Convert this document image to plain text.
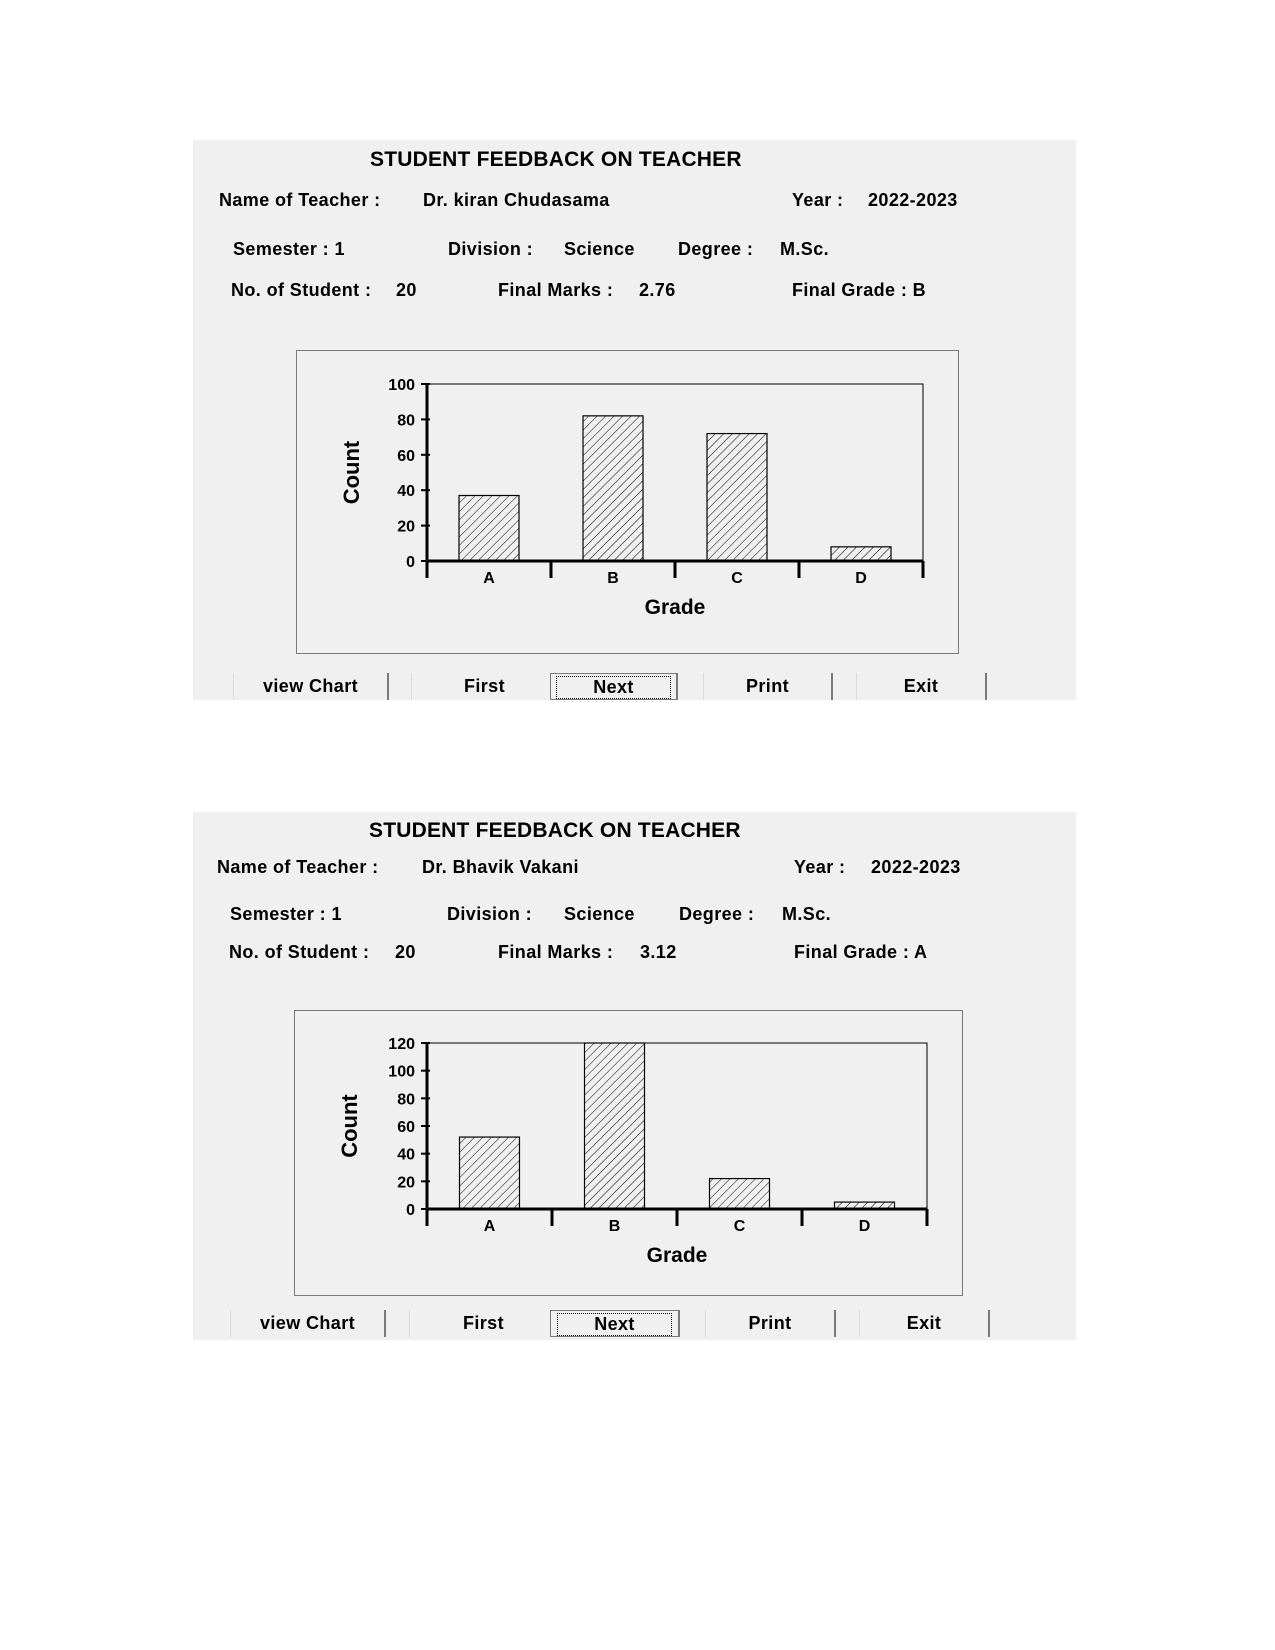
STUDENT FEEDBACK ON TEACHER
Name of Teacher : Dr. kiran Chudasama	Year : 2022-2023
Semester : 1	Division : Science Degree : M.Sc.
No. of Student : 20	Final Marks : 2.76	Final Grade : B
0
20
40
60
80
100
A	B	C	D
Grade
Count
view Chart	First	Next	Print	Exit
STUDENT FEEDBACK ON TEACHER
Name of Teacher : Dr. Bhavik Vakani	Year : 2022-2023
Semester : 1	Division : Science Degree : M.Sc.
No. of Student : 20	Final Marks : 3.12	Final Grade : A
0
20
40
60
80
100
120
A	B	C	D
Grade
Count
view Chart	First	Next	Print	Exit
